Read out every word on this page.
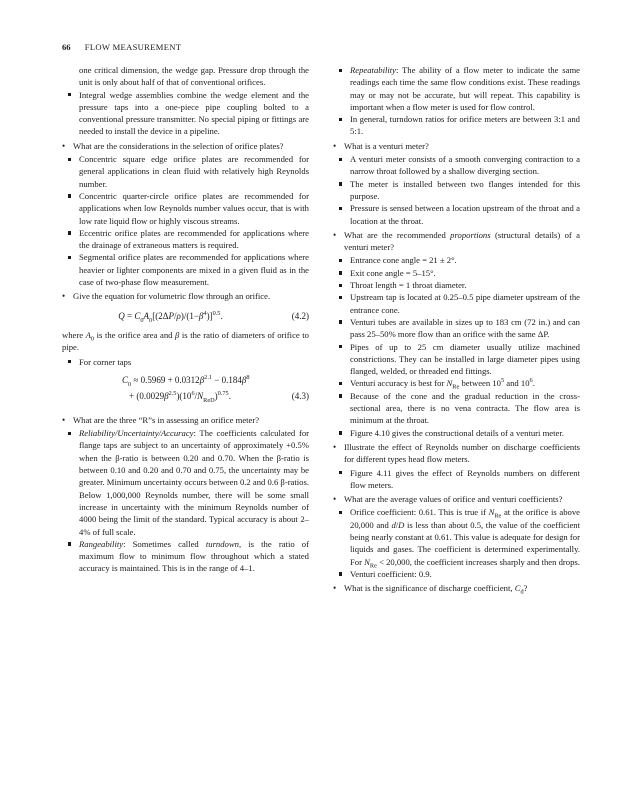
66 FLOW MEASUREMENT

one critical dimension, the wedge gap. Pressure drop through the unit is only about half of that of conventional orifices.

Integral wedge assemblies combine the wedge element and the pressure taps into a one-piece pipe coupling bolted to a conventional pressure transmitter. No special piping or fittings are needed to install the device in a pipeline.

• What are the considerations in the selection of orifice plates?

Concentric square edge orifice plates are recommended for general applications in clean fluid with relatively high Reynolds number.

Concentric quarter-circle orifice plates are recommended for applications when low Reynolds number values occur, that is with low rate liquid flow or highly viscous streams.

Eccentric orifice plates are recommended for applications where the drainage of extraneous matters is required.

Segmental orifice plates are recommended for applications where heavier or lighter components are mixed in a given fluid as in the case of two-phase flow measurement.

• Give the equation for volumetric flow through an orifice.

$Q = C_0A_0[(2\Delta P/\rho)/(1-\beta^4)]^{0.5}$.	(4.2)

where $A_0$ is the orifice area and β is the ratio of diameters of orifice to pipe.

For corner taps

$C_0 \approx 0.5969 + 0.0312\beta^{2.1} - 0.184\beta^8$
+ $(0.0029\beta^{2.5})(10^6/N_{ReD})^{0.75}$.	(4.3)

• What are the three “R”s in assessing an orifice meter?

Reliability/Uncertainty/Accuracy: The coefficients calculated for flange taps are subject to an uncertainty of approximately +0.5% when the β-ratio is between 0.20 and 0.70. When the β-ratio is between 0.10 and 0.20 and 0.70 and 0.75, the uncertainty may be greater. Minimum uncertainty occurs between 0.2 and 0.6 β-ratios. Below 1,000,000 Reynolds number, there will be some small increase in uncertainty with the minimum Reynolds number of 4000 being the limit of the standard. Typical accuracy is about 2–4% of full scale.

Rangeability: Sometimes called turndown, is the ratio of maximum flow to minimum flow throughout which a stated accuracy is maintained. This is in the range of 4–1.

Repeatability: The ability of a flow meter to indicate the same readings each time the same flow conditions exist. These readings may or may not be accurate, but will repeat. This capability is important when a flow meter is used for flow control.

In general, turndown ratios for orifice meters are between 3:1 and 5:1.

• What is a venturi meter?

A venturi meter consists of a smooth converging contraction to a narrow throat followed by a shallow diverging section.

The meter is installed between two flanges intended for this purpose.

Pressure is sensed between a location upstream of the throat and a location at the throat.

• What are the recommended proportions (structural details) of a venturi meter?

Entrance cone angle = 21 ± 2°.

Exit cone angle = 5–15°.

Throat length = 1 throat diameter.

Upstream tap is located at 0.25–0.5 pipe diameter upstream of the entrance cone.

Venturi tubes are available in sizes up to 183 cm (72 in.) and can pass 25–50% more flow than an orifice with the same ΔP.

Pipes of up to 25 cm diameter usually utilize machined constrictions. They can be installed in large diameter pipes using flanged, welded, or threaded end fittings.

Venturi accuracy is best for $N_{Re}$ between $10^5$ and $10^6$.

Because of the cone and the gradual reduction in the cross-sectional area, there is no vena contracta. The flow area is minimum at the throat.

Figure 4.10 gives the constructional details of a venturi meter.

• Illustrate the effect of Reynolds number on discharge coefficients for different types head flow meters.

Figure 4.11 gives the effect of Reynolds numbers on different flow meters.

• What are the average values of orifice and venturi coefficients?

Orifice coefficient: 0.61. This is true if $N_{Re}$ at the orifice is above 20,000 and d/D is less than about 0.5, the value of the coefficient being nearly constant at 0.61. This value is adequate for design for liquids and gases. The coefficient is determined experimentally. For $N_{Re} < 20,000$, the coefficient increases sharply and then drops.

Venturi coefficient: 0.9.

• What is the significance of discharge coefficient, $C_d$?
